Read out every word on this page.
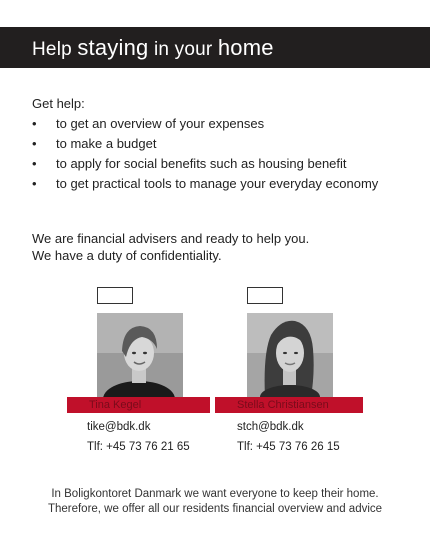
Help staying in your home
Get help:
• to get an overview of your expenses
• to make a budget
• to apply for social benefits such as housing benefit
• to get practical tools to manage your everyday economy

We are financial advisers and ready to help you.

We have a duty of confidentiality.

Tina Kegel
tike@bdk.dk
Tlf: +45 73 76 21 65
Stella Christiansen
stch@bdk.dk
Tlf: +45 73 76 26 15

In Boligkontoret Danmark we want everyone to keep their home. Therefore, we offer all our residents financial overview and advice
